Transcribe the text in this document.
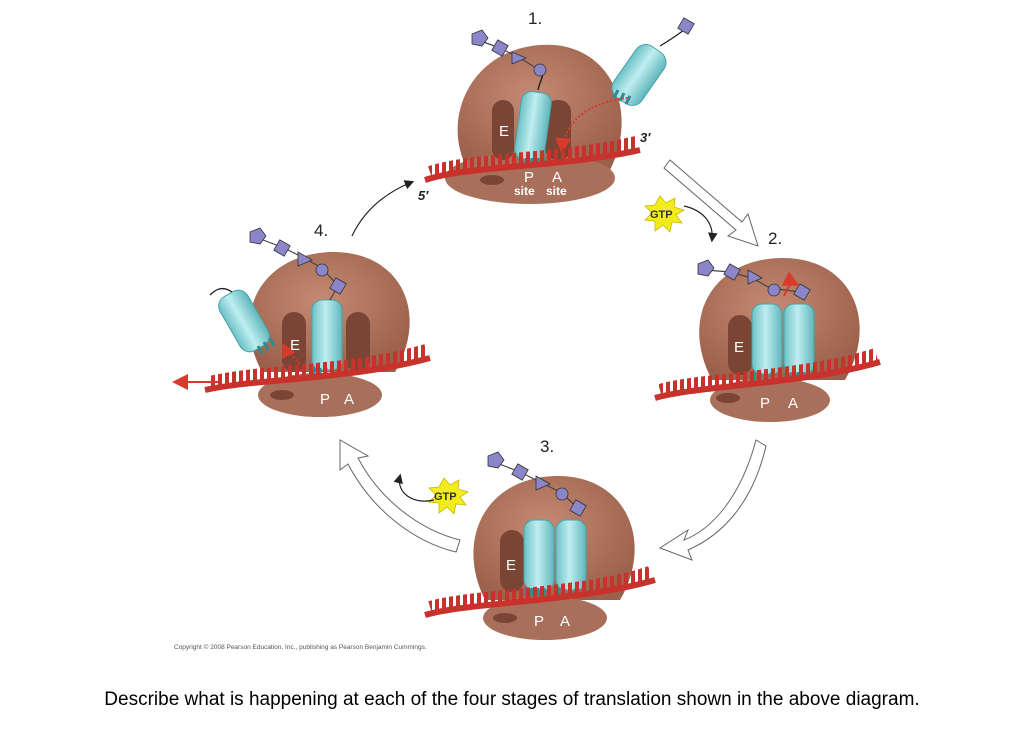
1.
E
5′
3′
P A
site site
2.
E
P A
3.
E
P A
4.
E
P A
GTP
GTP
Copyright © 2008 Pearson Education, Inc., publishing as Pearson Benjamin Cummings.
Describe what is happening at each of the four stages of translation shown in the above diagram.
